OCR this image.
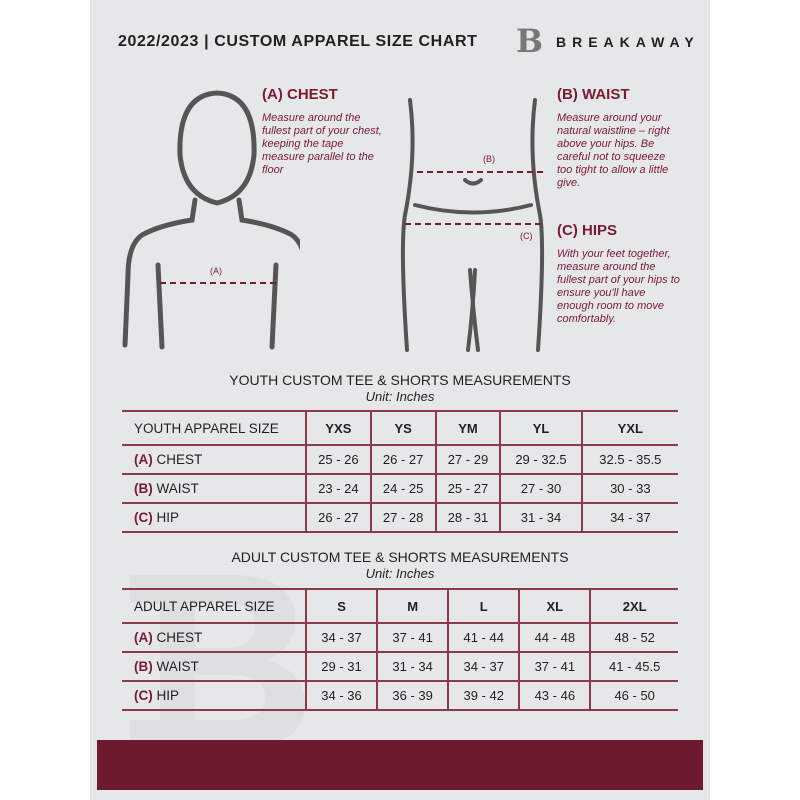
2022/2023 | CUSTOM APPAREL SIZE CHART	B BREAKAWAY
(A)
(B)
(C)
(A) CHEST
Measure around the fullest part of your chest, keeping the tape measure parallel to the floor
(B) WAIST
Measure around your natural waistline – right above your hips. Be careful not to squeeze too tight to allow a little give.
(C) HIPS
With your feet together, measure around the fullest part of your hips to ensure you'll have enough room to move comfortably.
YOUTH CUSTOM TEE & SHORTS MEASUREMENTS
Unit: Inches
YOUTH APPAREL SIZE	YXS	YS	YM	YL	YXL
(A) CHEST	25 - 26	26 - 27	27 - 29	29 - 32.5	32.5 - 35.5
(B) WAIST	23 - 24	24 - 25	25 - 27	27 - 30	30 - 33
(C) HIP	26 - 27	27 - 28	28 - 31	31 - 34	34 - 37
ADULT CUSTOM TEE & SHORTS MEASUREMENTS
Unit: Inches
ADULT APPAREL SIZE	S	M	L	XL	2XL
(A) CHEST	34 - 37	37 - 41	41 - 44	44 - 48	48 - 52
(B) WAIST	29 - 31	31 - 34	34 - 37	37 - 41	41 - 45.5
(C) HIP	34 - 36	36 - 39	39 - 42	43 - 46	46 - 50
